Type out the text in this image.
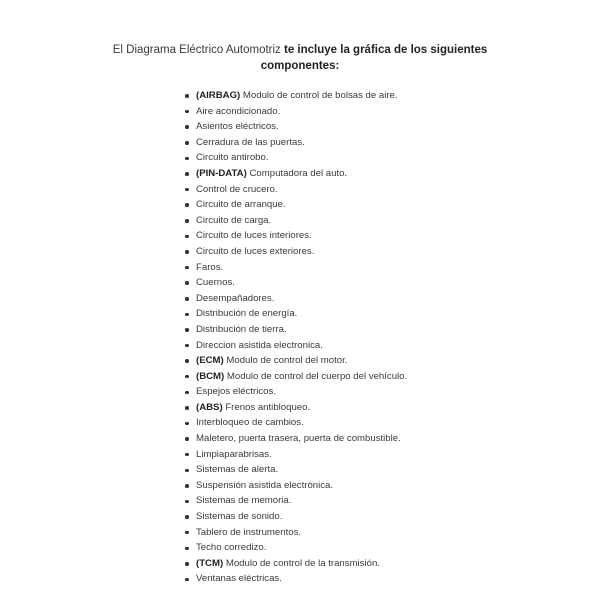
El Diagrama Eléctrico Automotriz te incluye la gráfica de los siguientes componentes:
(AIRBAG) Modulo de control de bolsas de aire.
Aire acondicionado.
Asientos eléctricos.
Cerradura de las puertas.
Circuito antirobo.
(PIN-DATA) Computadora del auto.
Control de crucero.
Circuito de arranque.
Circuito de carga.
Circuito de luces interiores.
Circuito de luces exteriores.
Faros.
Cuernos.
Desempañadores.
Distribución de energía.
Distribución de tierra.
Direccion asistida electronica.
(ECM) Modulo de control del motor.
(BCM) Modulo de control del cuerpo del vehículo.
Espejos eléctricos.
(ABS) Frenos antibloqueo.
Interbloqueo de cambios.
Maletero, puerta trasera, puerta de combustible.
Limpiaparabrisas.
Sistemas de alerta.
Suspensión asistida electrónica.
Sistemas de memoria.
Sistemas de sonido.
Tablero de instrumentos.
Techo corredizo.
(TCM) Modulo de control de la transmisión.
Ventanas eléctricas.
